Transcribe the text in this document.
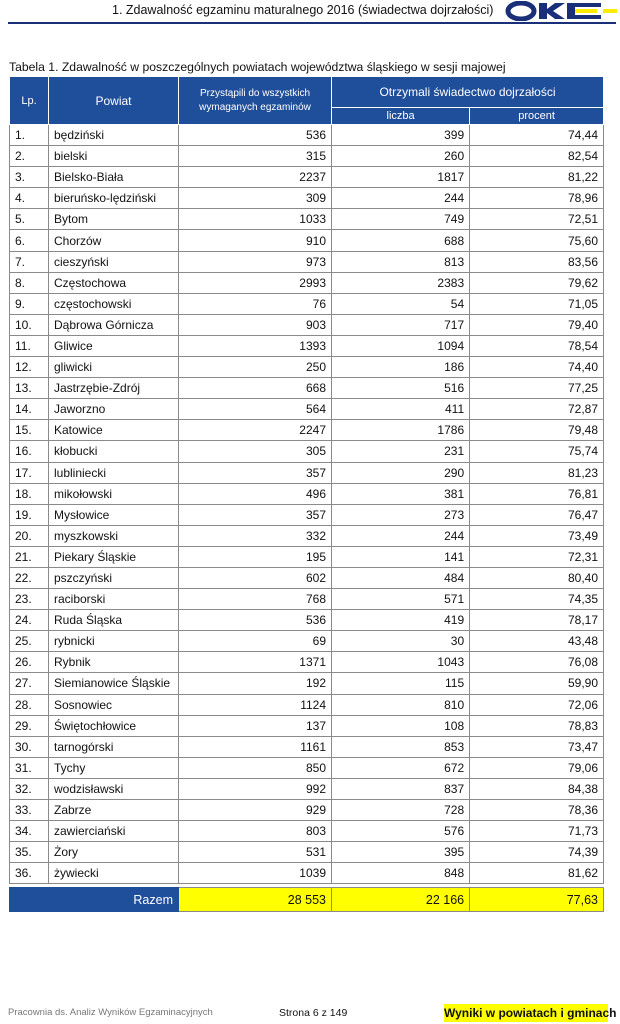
1. Zdawalność egzaminu maturalnego 2016 (świadectwa dojrzałości)
Tabela 1. Zdawalność w poszczególnych powiatach województwa śląskiego w sesji majowej
Lp.	Powiat	Przystąpili do wszystkich wymaganych egzaminów	Otrzymali świadectwo dojrzałości	
			liczba	procent
1.	będziński	536	399	74,44
2.	bielski	315	260	82,54
3.	Bielsko-Biała	2237	1817	81,22
4.	bieruńsko-lędziński	309	244	78,96
5.	Bytom	1033	749	72,51
6.	Chorzów	910	688	75,60
7.	cieszyński	973	813	83,56
8.	Częstochowa	2993	2383	79,62
9.	częstochowski	76	54	71,05
10.	Dąbrowa Górnicza	903	717	79,40
11.	Gliwice	1393	1094	78,54
12.	gliwicki	250	186	74,40
13.	Jastrzębie-Zdrój	668	516	77,25
14.	Jaworzno	564	411	72,87
15.	Katowice	2247	1786	79,48
16.	kłobucki	305	231	75,74
17.	lubliniecki	357	290	81,23
18.	mikołowski	496	381	76,81
19.	Mysłowice	357	273	76,47
20.	myszkowski	332	244	73,49
21.	Piekary Śląskie	195	141	72,31
22.	pszczyński	602	484	80,40
23.	raciborski	768	571	74,35
24.	Ruda Śląska	536	419	78,17
25.	rybnicki	69	30	43,48
26.	Rybnik	1371	1043	76,08
27.	Siemianowice Śląskie	192	115	59,90
28.	Sosnowiec	1124	810	72,06
29.	Świętochłowice	137	108	78,83
30.	tarnogórski	1161	853	73,47
31.	Tychy	850	672	79,06
32.	wodzisławski	992	837	84,38
33.	Zabrze	929	728	78,36
34.	zawierciański	803	576	71,73
35.	Żory	531	395	74,39
36.	żywiecki	1039	848	81,62

Razem		28 553	22 166	77,63
Pracownia ds. Analiz Wyników Egzaminacyjnych	Strona 6 z 149	Wyniki w powiatach i gminach
